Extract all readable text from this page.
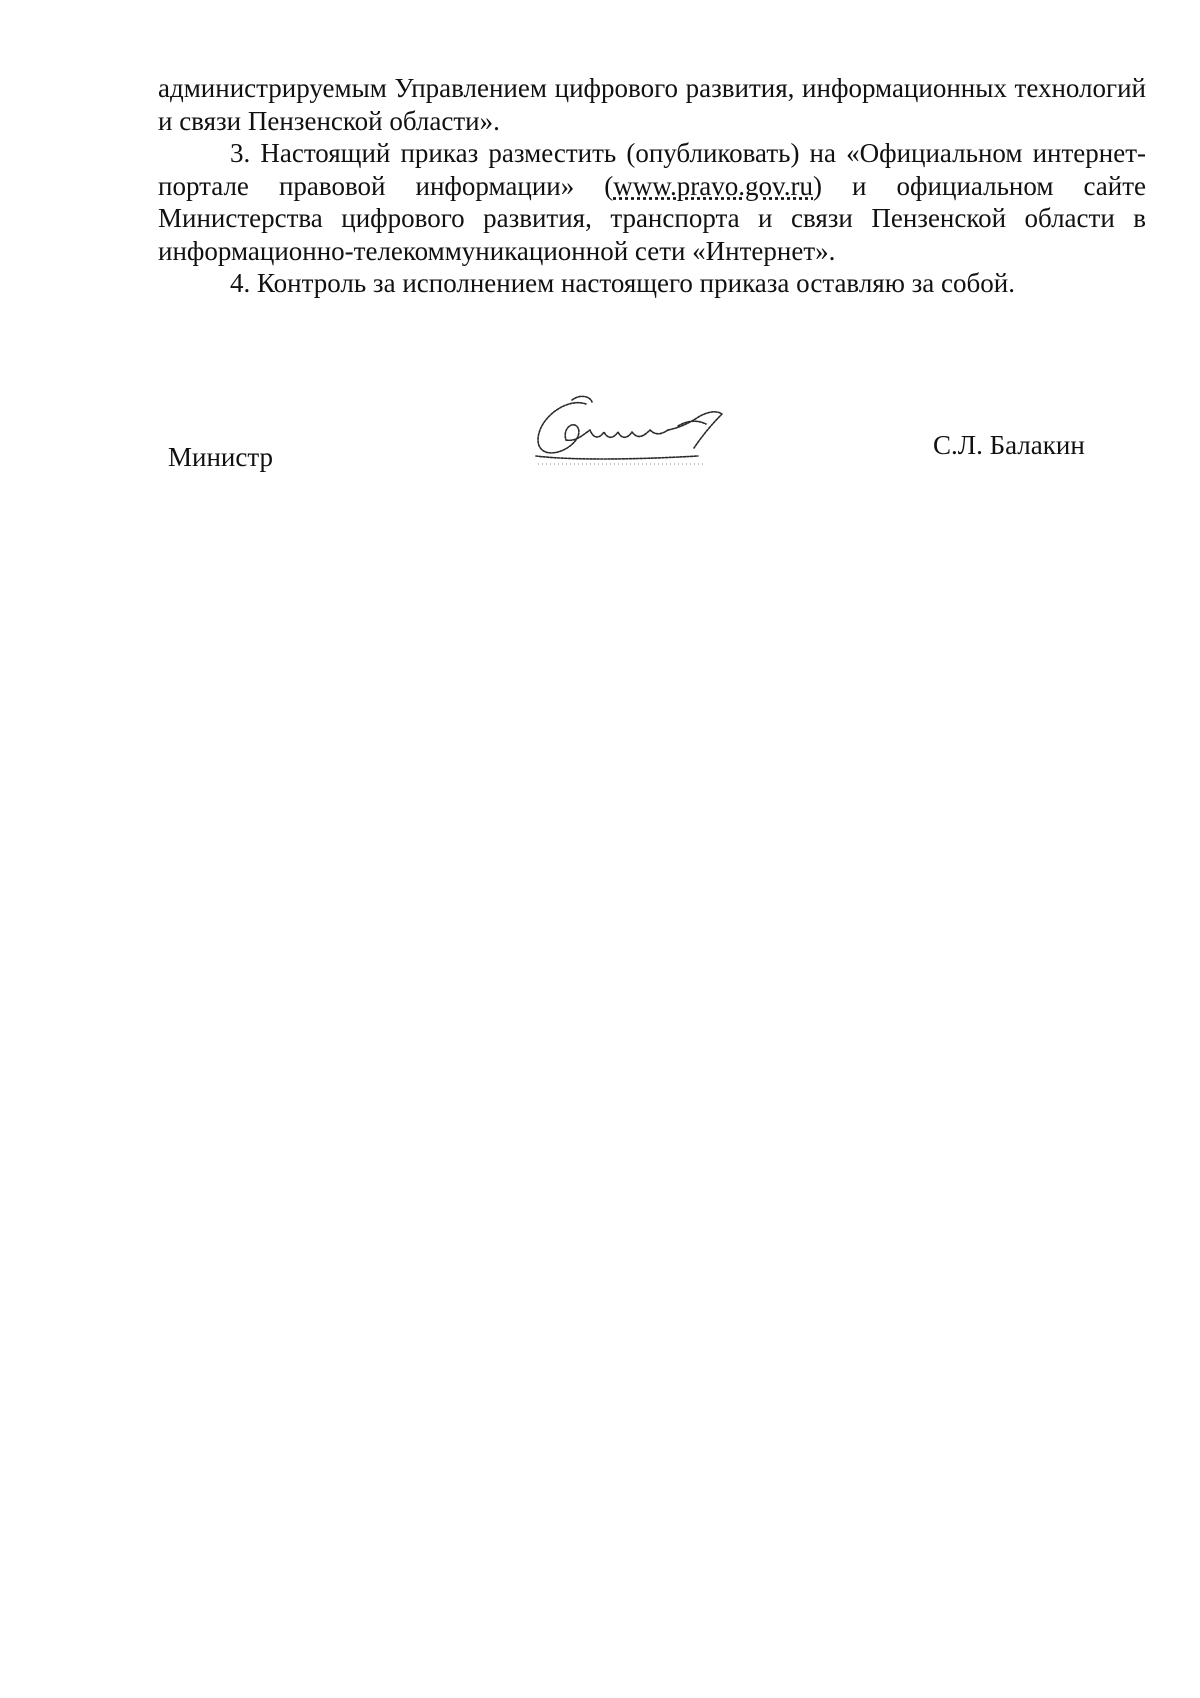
администрируемым Управлением цифрового развития, информационных технологий и связи Пензенской области».

3. Настоящий приказ разместить (опубликовать) на «Официальном интернет-портале правовой информации» (www.pravo.gov.ru) и официальном сайте Министерства цифрового развития, транспорта и связи Пензенской области в информационно-телекоммуникационной сети «Интернет».

4. Контроль за исполнением настоящего приказа оставляю за собой.

Министр	С.Л. Балакин
